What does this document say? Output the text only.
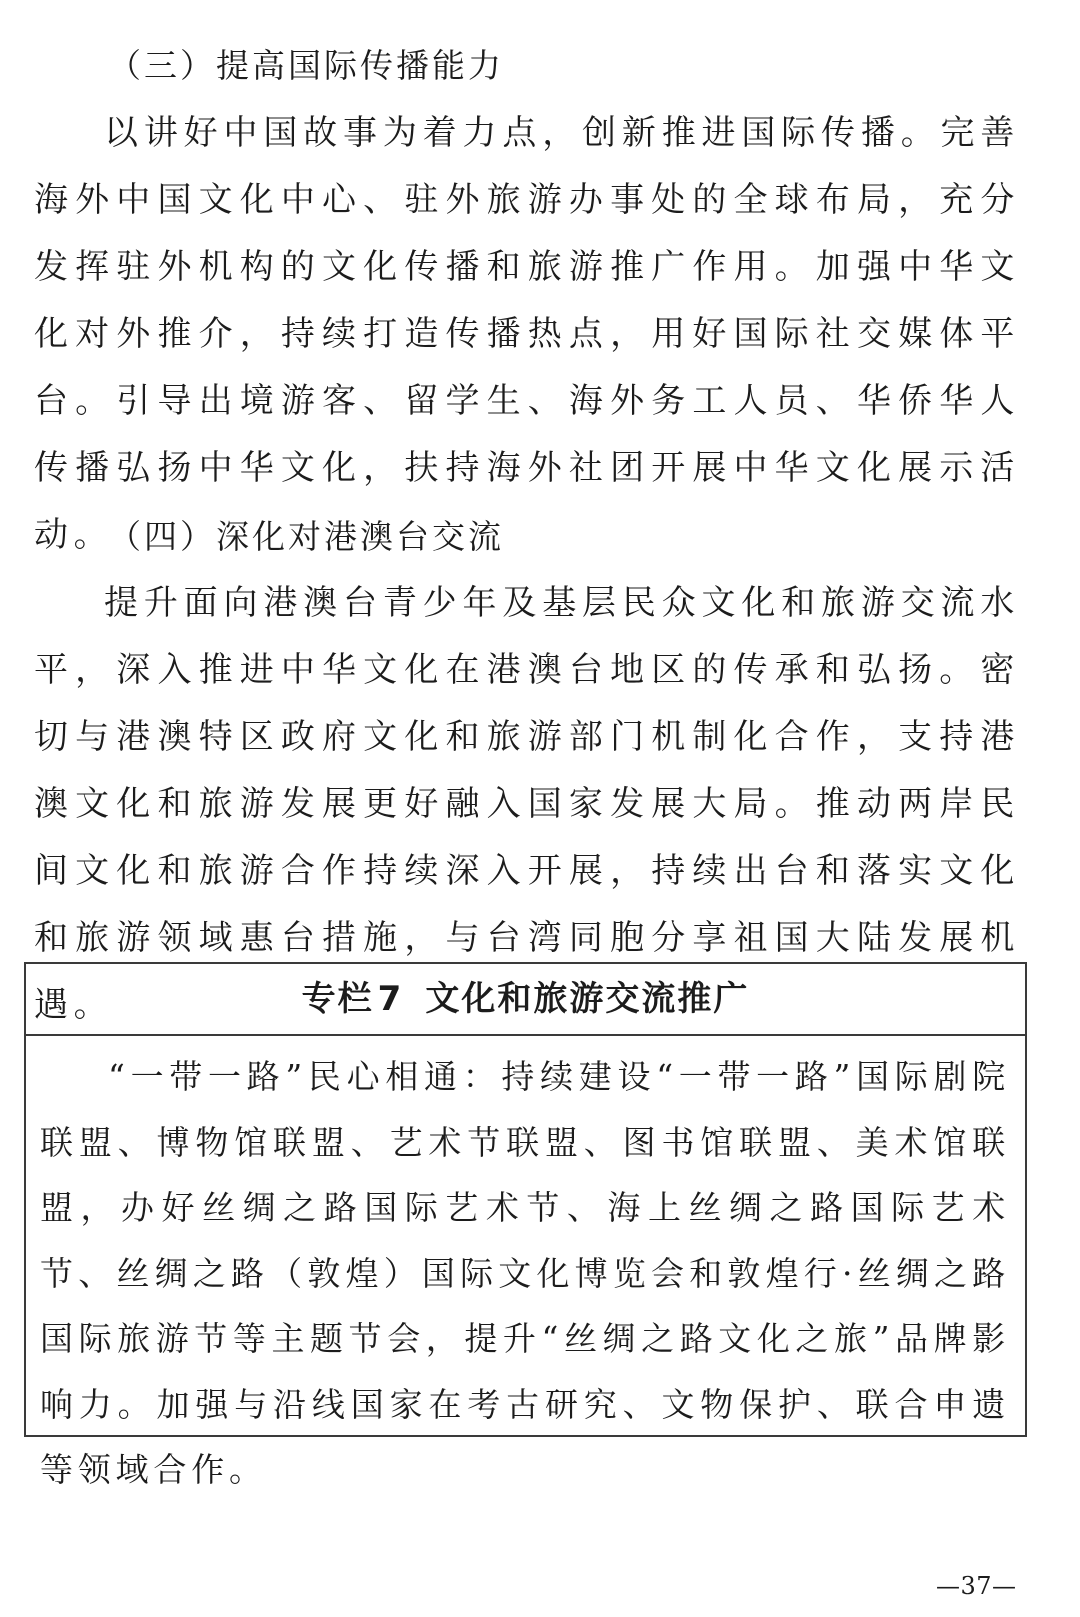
（三）提高国际传播能力

以讲好中国故事为着力点，创新推进国际传播。完善海外中国文化中心、驻外旅游办事处的全球布局，充分发挥驻外机构的文化传播和旅游推广作用。加强中华文化对外推介，持续打造传播热点，用好国际社交媒体平台。引导出境游客、留学生、海外务工人员、华侨华人传播弘扬中华文化，扶持海外社团开展中华文化展示活动。

（四）深化对港澳台交流

提升面向港澳台青少年及基层民众文化和旅游交流水平，深入推进中华文化在港澳台地区的传承和弘扬。密切与港澳特区政府文化和旅游部门机制化合作，支持港澳文化和旅游发展更好融入国家发展大局。推动两岸民间文化和旅游合作持续深入开展，持续出台和落实文化和旅游领域惠台措施，与台湾同胞分享祖国大陆发展机遇。	专栏 7 文化和旅游交流推广

“一带一路”民心相通：持续建设“一带一路”国际剧院联盟、博物馆联盟、艺术节联盟、图书馆联盟、美术馆联盟，办好丝绸之路国际艺术节、海上丝绸之路国际艺术节、丝绸之路（敦煌）国际文化博览会和敦煌行·丝绸之路国际旅游节等主题节会，提升“丝绸之路文化之旅”品牌影响力。加强与沿线国家在考古研究、文物保护、联合申遗等领域合作。

—37—
